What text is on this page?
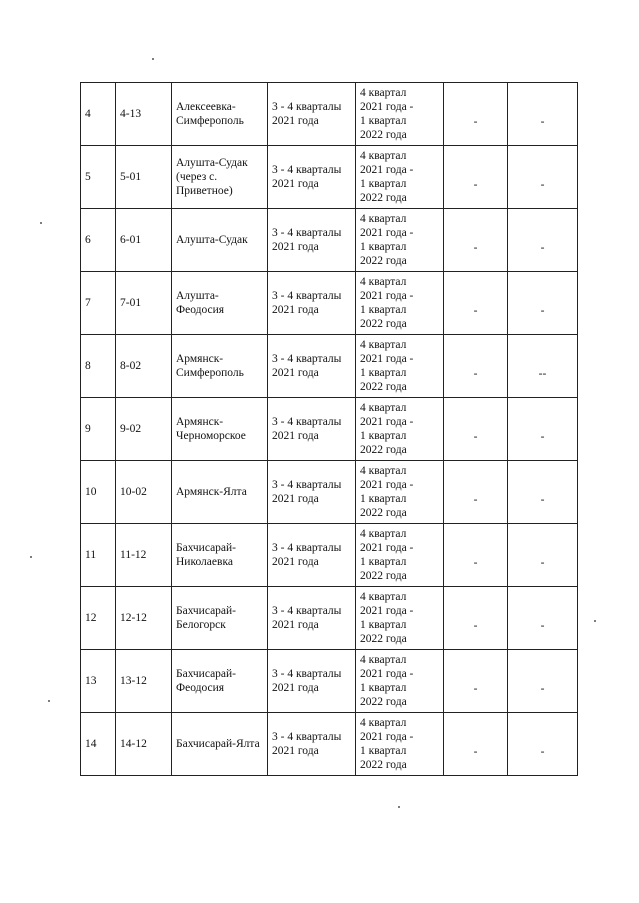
4	4-13	Алексеевка-
Симферополь	3 - 4 кварталы
2021 года	4 квартал
2021 года -
1 квартал
2022 года	-	-

5	5-01	Алушта-Судак
(через с.
Приветное)	3 - 4 кварталы
2021 года	4 квартал
2021 года -
1 квартал
2022 года	-	-

6	6-01	Алушта-Судак	3 - 4 кварталы
2021 года	4 квартал
2021 года -
1 квартал
2022 года	-	-

7	7-01	Алушта-
Феодосия	3 - 4 кварталы
2021 года	4 квартал
2021 года -
1 квартал
2022 года	-	-

8	8-02	Армянск-
Симферополь	3 - 4 кварталы
2021 года	4 квартал
2021 года -
1 квартал
2022 года	-	--

9	9-02	Армянск-
Черноморское	3 - 4 кварталы
2021 года	4 квартал
2021 года -
1 квартал
2022 года	-	-

10	10-02	Армянск-Ялта	3 - 4 кварталы
2021 года	4 квартал
2021 года -
1 квартал
2022 года	-	-

11	11-12	Бахчисарай-
Николаевка	3 - 4 кварталы
2021 года	4 квартал
2021 года -
1 квартал
2022 года	-	-

12	12-12	Бахчисарай-
Белогорск	3 - 4 кварталы
2021 года	4 квартал
2021 года -
1 квартал
2022 года	-	-

13	13-12	Бахчисарай-
Феодосия	3 - 4 кварталы
2021 года	4 квартал
2021 года -
1 квартал
2022 года	-	-

14	14-12	Бахчисарай-Ялта	3 - 4 кварталы
2021 года	4 квартал
2021 года -
1 квартал
2022 года	-	-
